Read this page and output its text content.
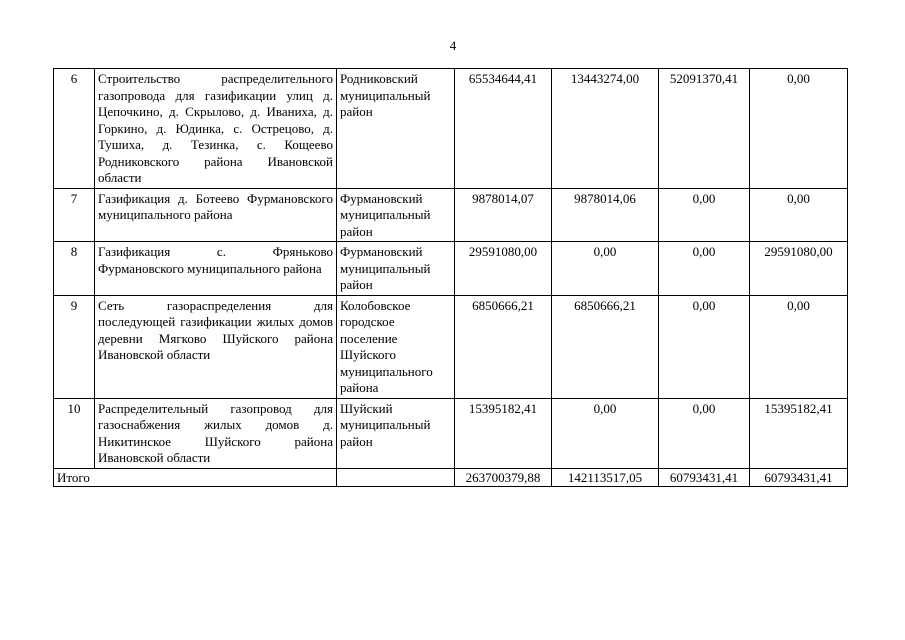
4
6	Строительство распределительного газопровода для газификации улиц д. Цепочкино, д. Скрылово, д. Иваниха, д. Горкино, д. Юдинка, с. Острецово, д. Тушиха, д. Тезинка, с. Кощеево Родниковского района Ивановской области	Родниковский муниципальный район	65534644,41	13443274,00	52091370,41	0,00
7	Газификация д. Ботеево Фурмановского муниципального района	Фурмановский муниципальный район	9878014,07	9878014,06	0,00	0,00
8	Газификация с. Фряньково Фурмановского муниципального района	Фурмановский муниципальный район	29591080,00	0,00	0,00	29591080,00
9	Сеть газораспределения для последующей газификации жилых домов деревни Мягково Шуйского района Ивановской области	Колобовское городское поселение Шуйского муниципального района	6850666,21	6850666,21	0,00	0,00
10	Распределительный газопровод для газоснабжения жилых домов д. Никитинское Шуйского района Ивановской области	Шуйский муниципальный район	15395182,41	0,00	0,00	15395182,41
Итого			263700379,88	142113517,05	60793431,41	60793431,41
